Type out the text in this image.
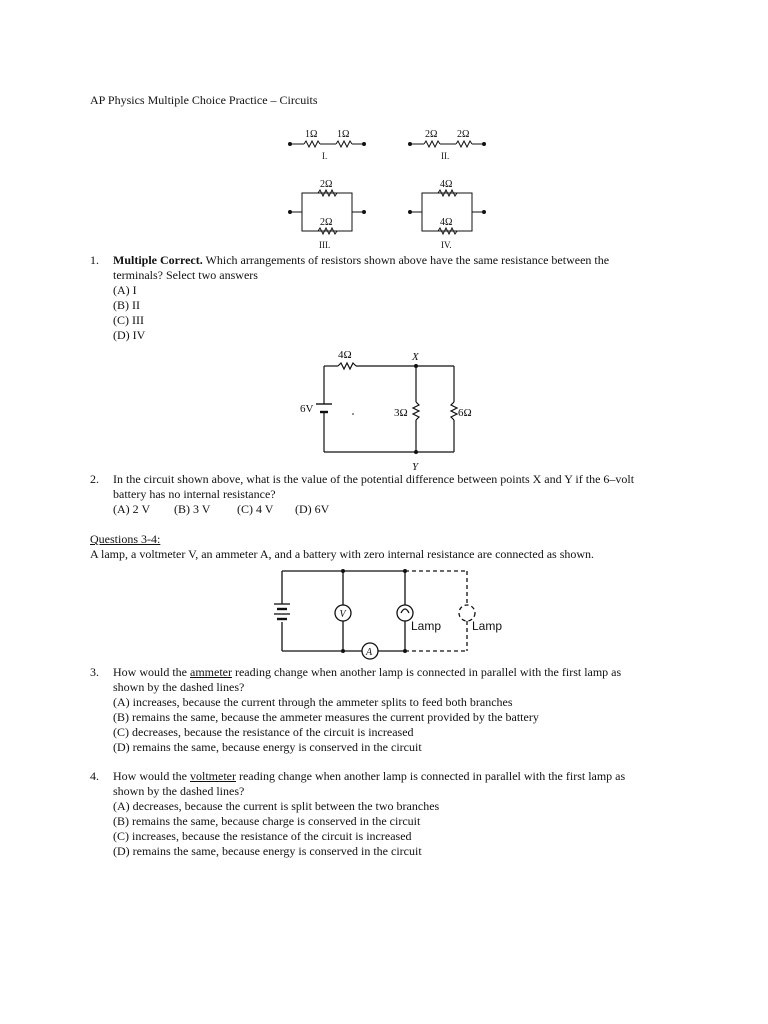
AP Physics Multiple Choice Practice – Circuits
1Ω 1Ω
I.
2Ω 2Ω
II.
2Ω
2Ω
III.
4Ω
4Ω
IV.
1. Multiple Correct. Which arrangements of resistors shown above have the same resistance between the
terminals? Select two answers
(A) I
(B) II
(C) III
(D) IV
4Ω	X
6V	3Ω	6Ω
Y
2. In the circuit shown above, what is the value of the potential difference between points X and Y if the 6–volt
battery has no internal resistance?
(A) 2 V (B) 3 V (C) 4 V (D) 6V
Questions 3-4:
A lamp, a voltmeter V, an ammeter A, and a battery with zero internal resistance are connected as shown.
V
A
Lamp	Lamp
3. How would the ammeter reading change when another lamp is connected in parallel with the first lamp as
shown by the dashed lines?
(A) increases, because the current through the ammeter splits to feed both branches
(B) remains the same, because the ammeter measures the current provided by the battery
(C) decreases, because the resistance of the circuit is increased
(D) remains the same, because energy is conserved in the circuit
4. How would the voltmeter reading change when another lamp is connected in parallel with the first lamp as
shown by the dashed lines?
(A) decreases, because the current is split between the two branches
(B) remains the same, because charge is conserved in the circuit
(C) increases, because the resistance of the circuit is increased
(D) remains the same, because energy is conserved in the circuit
